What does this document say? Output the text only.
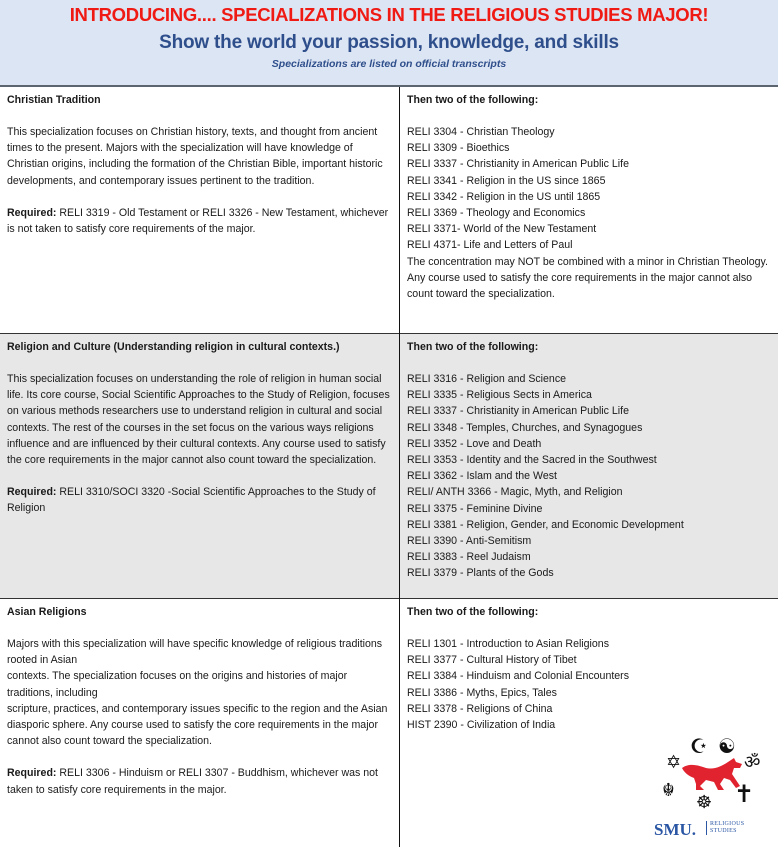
INTRODUCING.... SPECIALIZATIONS IN THE RELIGIOUS STUDIES MAJOR!
Show the world your passion, knowledge, and skills
Specializations are listed on official transcripts
Christian Tradition

This specialization focuses on Christian history, texts, and thought from ancient times to the present. Majors with the specialization will have knowledge of Christian origins, including the formation of the Christian Bible, important historic developments, and contemporary issues pertinent to the tradition.

Required: RELI 3319 - Old Testament or RELI 3326 - New Testament, whichever is not taken to satisfy core requirements of the major.

Then two of the following:
RELI 3304 - Christian Theology
RELI 3309 - Bioethics
RELI 3337 - Christianity in American Public Life
RELI 3341 - Religion in the US since 1865
RELI 3342 - Religion in the US until 1865
RELI 3369 - Theology and Economics
RELI 3371- World of the New Testament
RELI 4371- Life and Letters of Paul

The concentration may NOT be combined with a minor in Christian Theology. Any course used to satisfy the core requirements in the major cannot also count toward the specialization.

Religion and Culture (Understanding religion in cultural contexts.)

This specialization focuses on understanding the role of religion in human social life. Its core course, Social Scientific Approaches to the Study of Religion, focuses on various methods researchers use to understand religion in cultural and social contexts. The rest of the courses in the set focus on the various ways religions influence and are influenced by their cultural contexts. Any course used to satisfy the core requirements in the major cannot also count toward the specialization.

Required: RELI 3310/SOCI 3320 -Social Scientific Approaches to the Study of Religion

Then two of the following:
RELI 3316 - Religion and Science
RELI 3335 - Religious Sects in America
RELI 3337 - Christianity in American Public Life
RELI 3348 - Temples, Churches, and Synagogues
RELI 3352 - Love and Death
RELI 3353 - Identity and the Sacred in the Southwest
RELI 3362 - Islam and the West
RELI/ ANTH 3366 - Magic, Myth, and Religion
RELI 3375 - Feminine Divine
RELI 3381 - Religion, Gender, and Economic Development
RELI 3390 - Anti-Semitism
RELI 3383 - Reel Judaism
RELI 3379 - Plants of the Gods
Asian Religions

Majors with this specialization will have specific knowledge of religious traditions rooted in Asian

contexts. The specialization focuses on the origins and histories of major traditions, including

scripture, practices, and contemporary issues specific to the region and the Asian diasporic sphere. Any course used to satisfy the core requirements in the major cannot also count toward the specialization.

Required: RELI 3306 - Hinduism or RELI 3307 - Buddhism, whichever was not taken to satisfy core requirements in the major.

Then two of the following:
RELI 1301 - Introduction to Asian Religions
RELI 3377 - Cultural History of Tibet
RELI 3384 - Hinduism and Colonial Encounters
RELI 3386 - Myths, Epics, Tales
RELI 3378 - Religions of China
HIST 2390 - Civilization of India
☪ ☯
✡	ॐ
☬ ✝
☸
SMU.	RELIGIOUS
STUDIES
